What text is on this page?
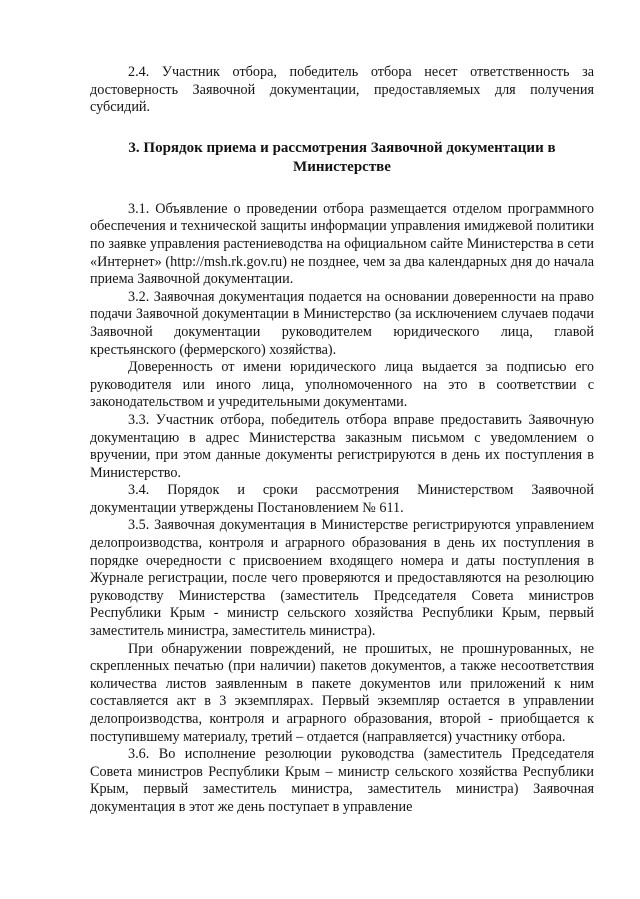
2.4. Участник отбора, победитель отбора несет ответственность за достоверность Заявочной документации, предоставляемых для получения субсидий.

3. Порядок приема и рассмотрения Заявочной документации в Министерстве

3.1. Объявление о проведении отбора размещается отделом программного обеспечения и технической защиты информации управления имиджевой политики по заявке управления растениеводства на официальном сайте Министерства в сети «Интернет» (http://msh.rk.gov.ru) не позднее, чем за два календарных дня до начала приема Заявочной документации.

3.2. Заявочная документация подается на основании доверенности на право подачи Заявочной документации в Министерство (за исключением случаев подачи Заявочной документации руководителем юридического лица, главой крестьянского (фермерского) хозяйства).

Доверенность от имени юридического лица выдается за подписью его руководителя или иного лица, уполномоченного на это в соответствии с законодательством и учредительными документами.

3.3. Участник отбора, победитель отбора вправе предоставить Заявочную документацию в адрес Министерства заказным письмом с уведомлением о вручении, при этом данные документы регистрируются в день их поступления в Министерство.

3.4. Порядок и сроки рассмотрения Министерством Заявочной документации утверждены Постановлением № 611.

3.5. Заявочная документация в Министерстве регистрируются управлением делопроизводства, контроля и аграрного образования в день их поступления в порядке очередности с присвоением входящего номера и даты поступления в Журнале регистрации, после чего проверяются и предоставляются на резолюцию руководству Министерства (заместитель Председателя Совета министров Республики Крым - министр сельского хозяйства Республики Крым, первый заместитель министра, заместитель министра).

При обнаружении повреждений, не прошитых, не прошнурованных, не скрепленных печатью (при наличии) пакетов документов, а также несоответствия количества листов заявленным в пакете документов или приложений к ним составляется акт в 3 экземплярах. Первый экземпляр остается в управлении делопроизводства, контроля и аграрного образования, второй - приобщается к поступившему материалу, третий – отдается (направляется) участнику отбора.

3.6. Во исполнение резолюции руководства (заместитель Председателя Совета министров Республики Крым – министр сельского хозяйства Республики Крым, первый заместитель министра, заместитель министра) Заявочная документация в этот же день поступает в управление
